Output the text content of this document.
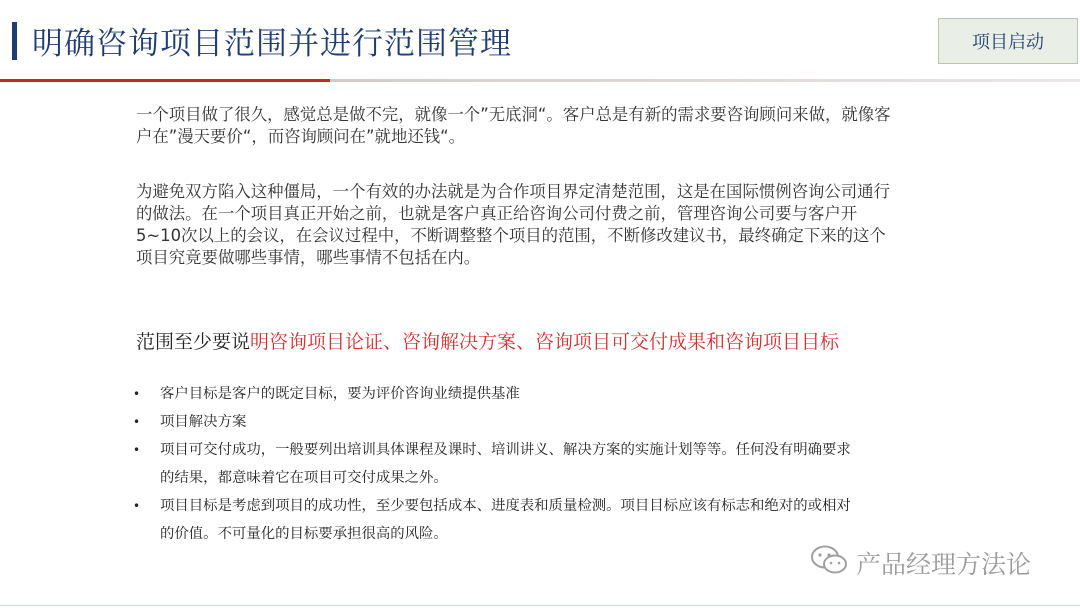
明确咨询项目范围并进行范围管理	项目启动

一个项目做了很久，感觉总是做不完，就像一个”无底洞“。客户总是有新的需求要咨询顾问来做，就像客户在”漫天要价“，而咨询顾问在”就地还钱“。

为避免双方陷入这种僵局，一个有效的办法就是为合作项目界定清楚范围，这是在国际惯例咨询公司通行的做法。在一个项目真正开始之前，也就是客户真正给咨询公司付费之前，管理咨询公司要与客户开5~10次以上的会议，在会议过程中，不断调整整个项目的范围，不断修改建议书，最终确定下来的这个项目究竟要做哪些事情，哪些事情不包括在内。

范围至少要说明咨询项目论证、咨询解决方案、咨询项目可交付成果和咨询项目目标
• 客户目标是客户的既定目标，要为评价咨询业绩提供基准
• 项目解决方案
• 项目可交付成功，一般要列出培训具体课程及课时、培训讲义、解决方案的实施计划等等。任何没有明确要求的结果，都意味着它在项目可交付成果之外。
• 项目目标是考虑到项目的成功性，至少要包括成本、进度表和质量检测。项目目标应该有标志和绝对的或相对的价值。不可量化的目标要承担很高的风险。
产品经理方法论
